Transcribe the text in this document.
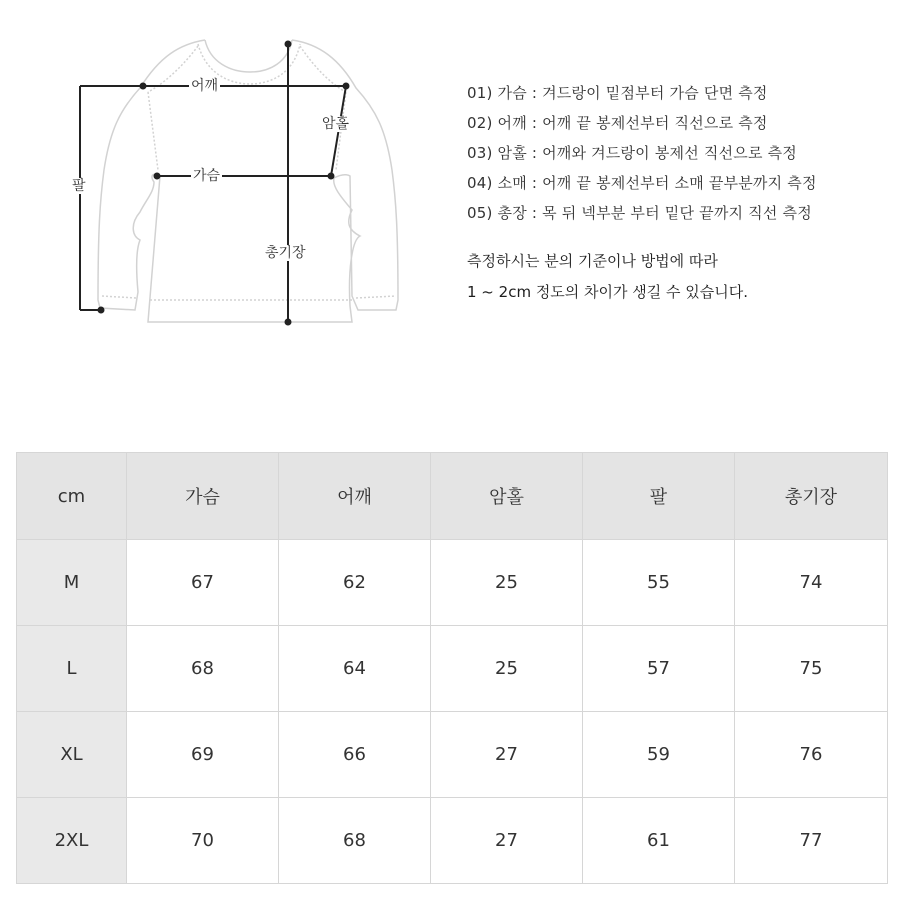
어깨
암홀
가슴
팔
총기장
01) 가슴 : 겨드랑이 밑점부터 가슴 단면 측정
02) 어깨 : 어깨 끝 봉제선부터 직선으로 측정
03) 암홀 : 어깨와 겨드랑이 봉제선 직선으로 측정
04) 소매 : 어깨 끝 봉제선부터 소매 끝부분까지 측정
05) 총장 : 목 뒤 넥부분 부터 밑단 끝까지 직선 측정
측정하시는 분의 기준이나 방법에 따라
1 ~ 2cm 정도의 차이가 생길 수 있습니다.
cm	가슴	어깨	암홀	팔	총기장
M	67	62	25	55	74
L	68	64	25	57	75
XL	69	66	27	59	76
2XL	70	68	27	61	77
